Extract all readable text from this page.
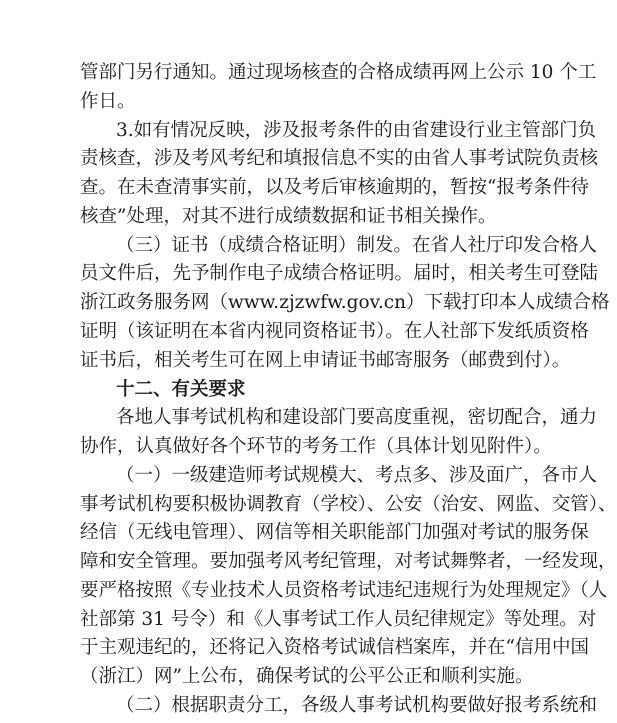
管部门另行通知。通过现场核查的合格成绩再网上公示 10 个工
作日。
3.如有情况反映，涉及报考条件的由省建设行业主管部门负
责核查，涉及考风考纪和填报信息不实的由省人事考试院负责核
查。在未查清事实前，以及考后审核逾期的，暂按“报考条件待
核查”处理，对其不进行成绩数据和证书相关操作。
（三）证书（成绩合格证明）制发。在省人社厅印发合格人
员文件后，先予制作电子成绩合格证明。届时，相关考生可登陆
浙江政务服务网（www.zjzwfw.gov.cn）下载打印本人成绩合格
证明（该证明在本省内视同资格证书）。在人社部下发纸质资格
证书后，相关考生可在网上申请证书邮寄服务（邮费到付）。
十二、有关要求
各地人事考试机构和建设部门要高度重视，密切配合，通力
协作，认真做好各个环节的考务工作（具体计划见附件）。
（一）一级建造师考试规模大、考点多、涉及面广，各市人
事考试机构要积极协调教育（学校）、公安（治安、网监、交管）、
经信（无线电管理）、网信等相关职能部门加强对考试的服务保
障和安全管理。要加强考风考纪管理，对考试舞弊者，一经发现，
要严格按照《专业技术人员资格考试违纪违规行为处理规定》（人
社部第 31 号令）和《人事考试工作人员纪律规定》等处理。对
于主观违纪的，还将记入资格考试诚信档案库，并在“信用中国
（浙江）网”上公布，确保考试的公平公正和顺利实施。
（二）根据职责分工，各级人事考试机构要做好报考系统和
